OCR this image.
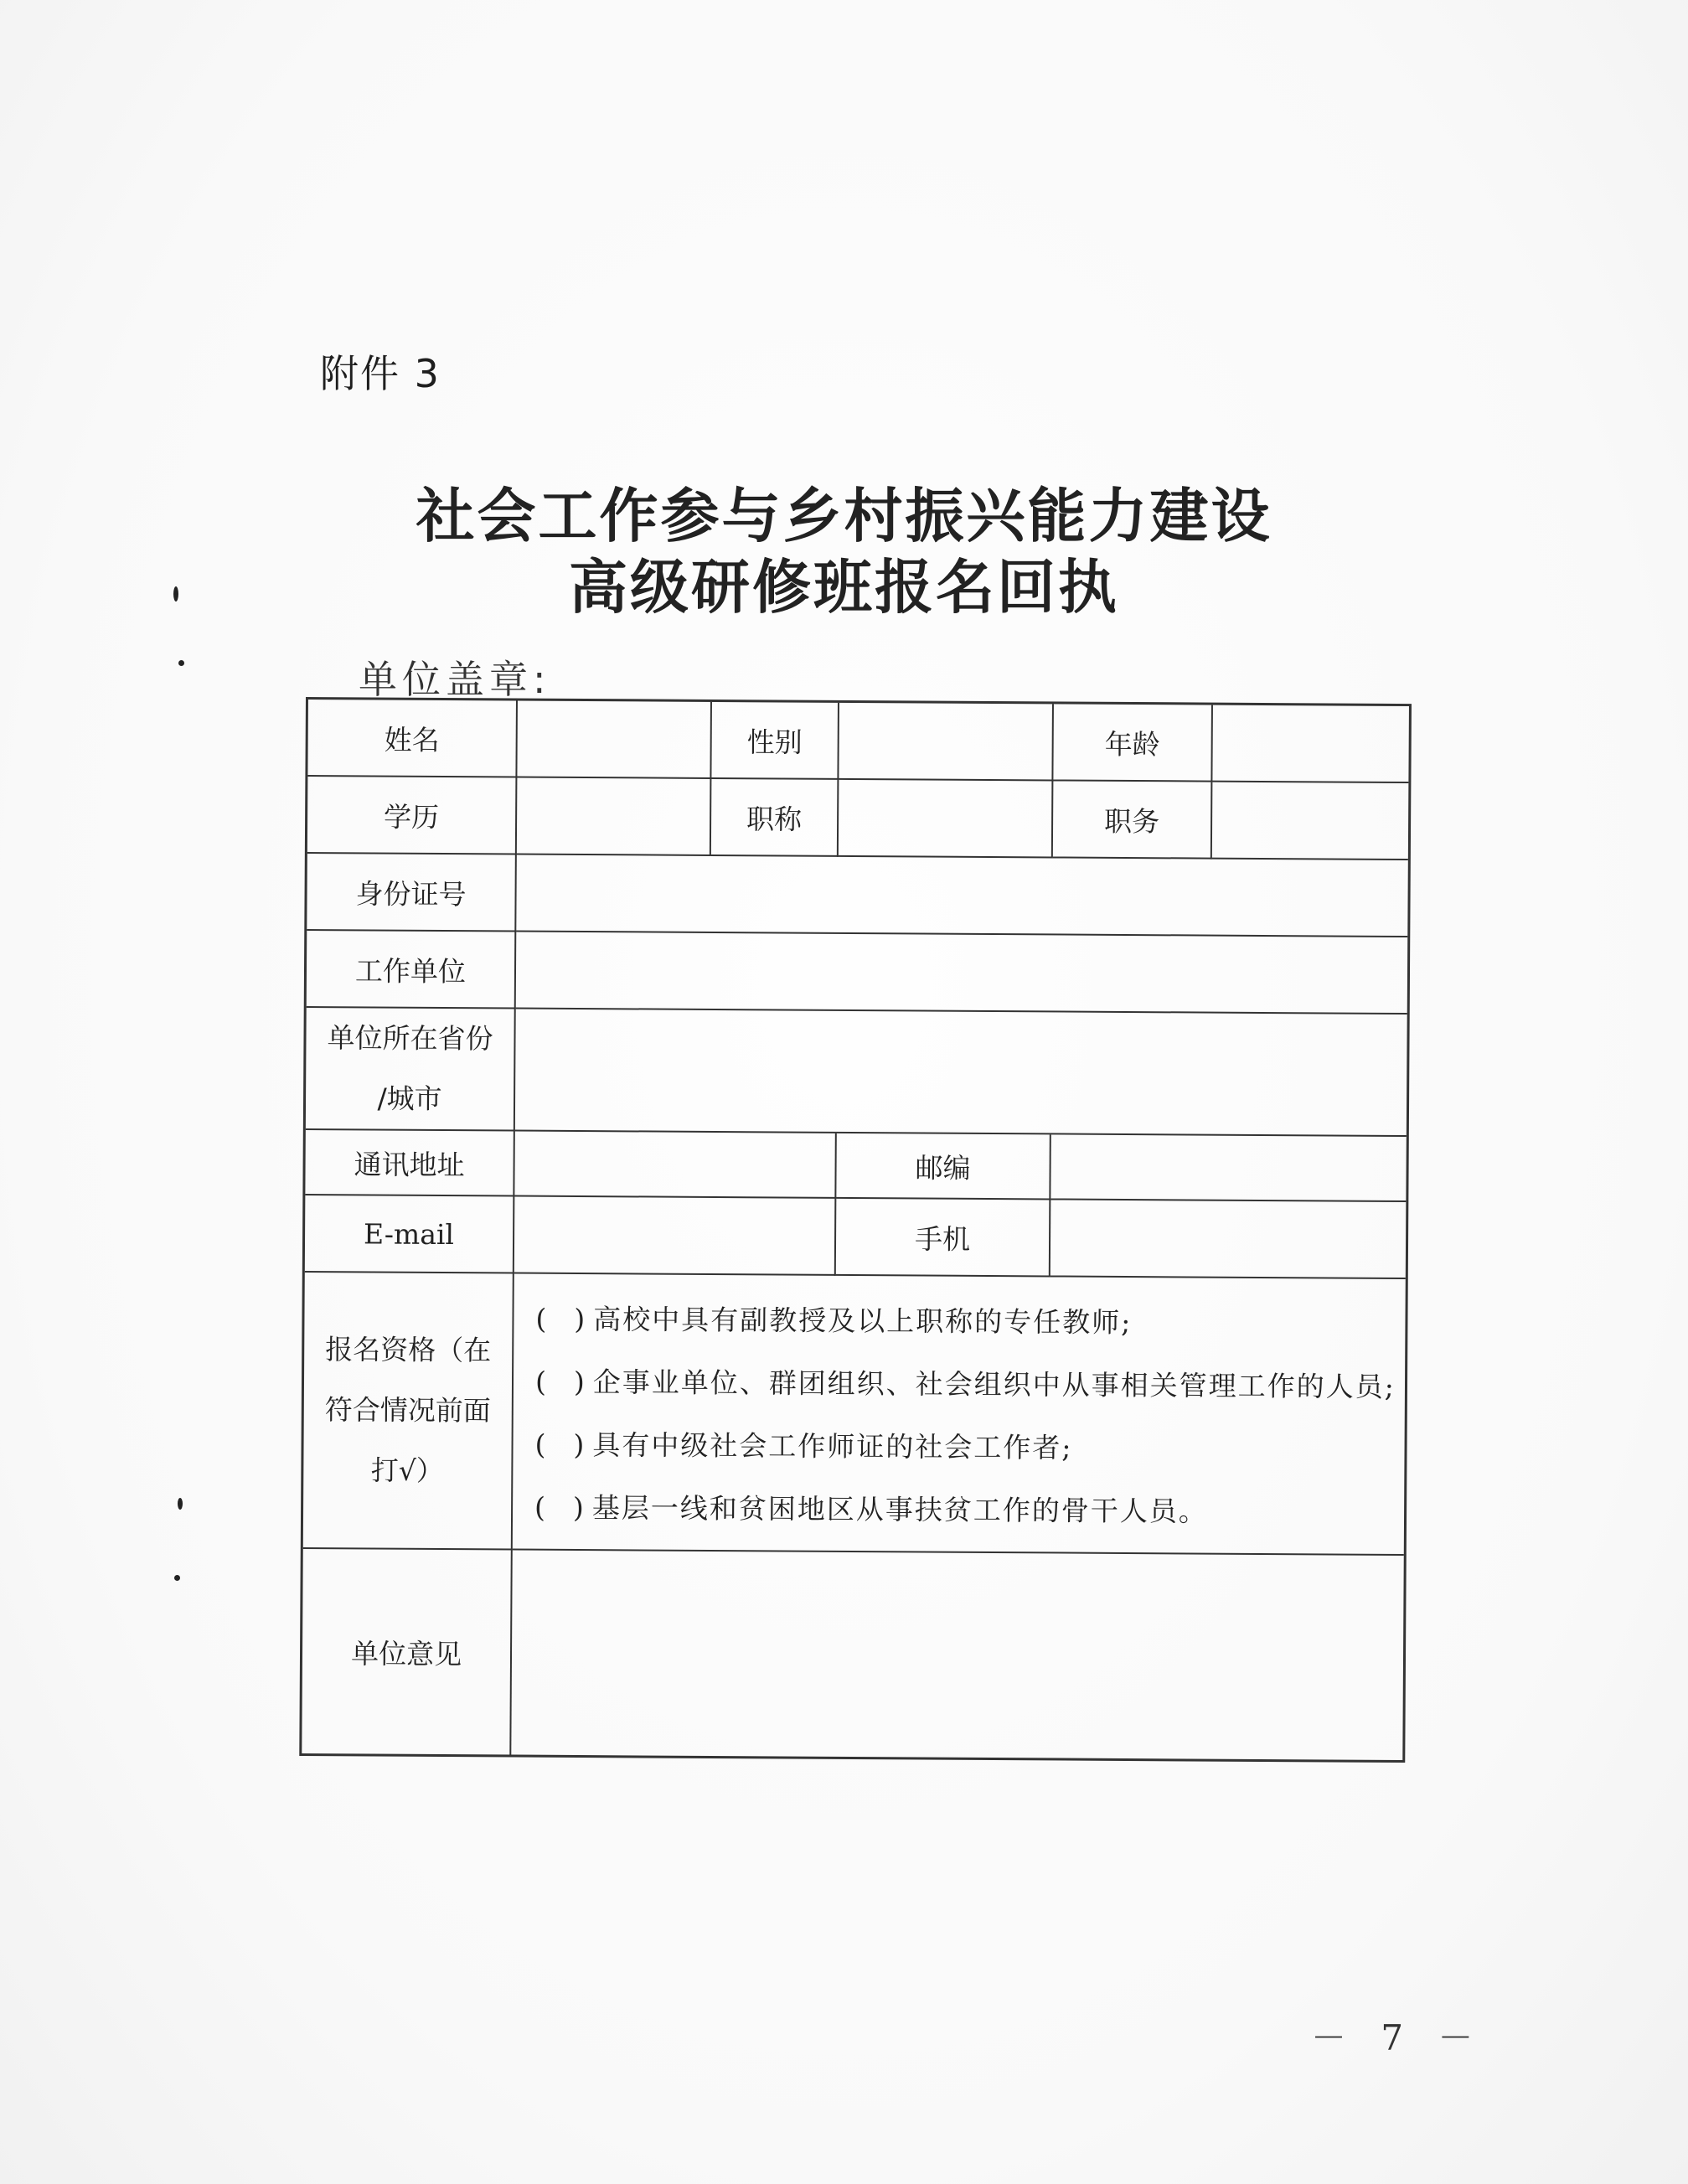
附件 3
社会工作参与乡村振兴能力建设
高级研修班报名回执
单位盖章:
姓名	性别	年龄
学历	职称	职务
身份证号
工作单位
单位所在省份
/城市
通讯地址	邮编
E-mail	手机
报名资格（在
符合情况前面
打√）
(　) 高校中具有副教授及以上职称的专任教师;
(　) 企事业单位、群团组织、社会组织中从事相关管理工作的人员;
(　) 具有中级社会工作师证的社会工作者;
(　) 基层一线和贫困地区从事扶贫工作的骨干人员。
单位意见
－ 7 －
